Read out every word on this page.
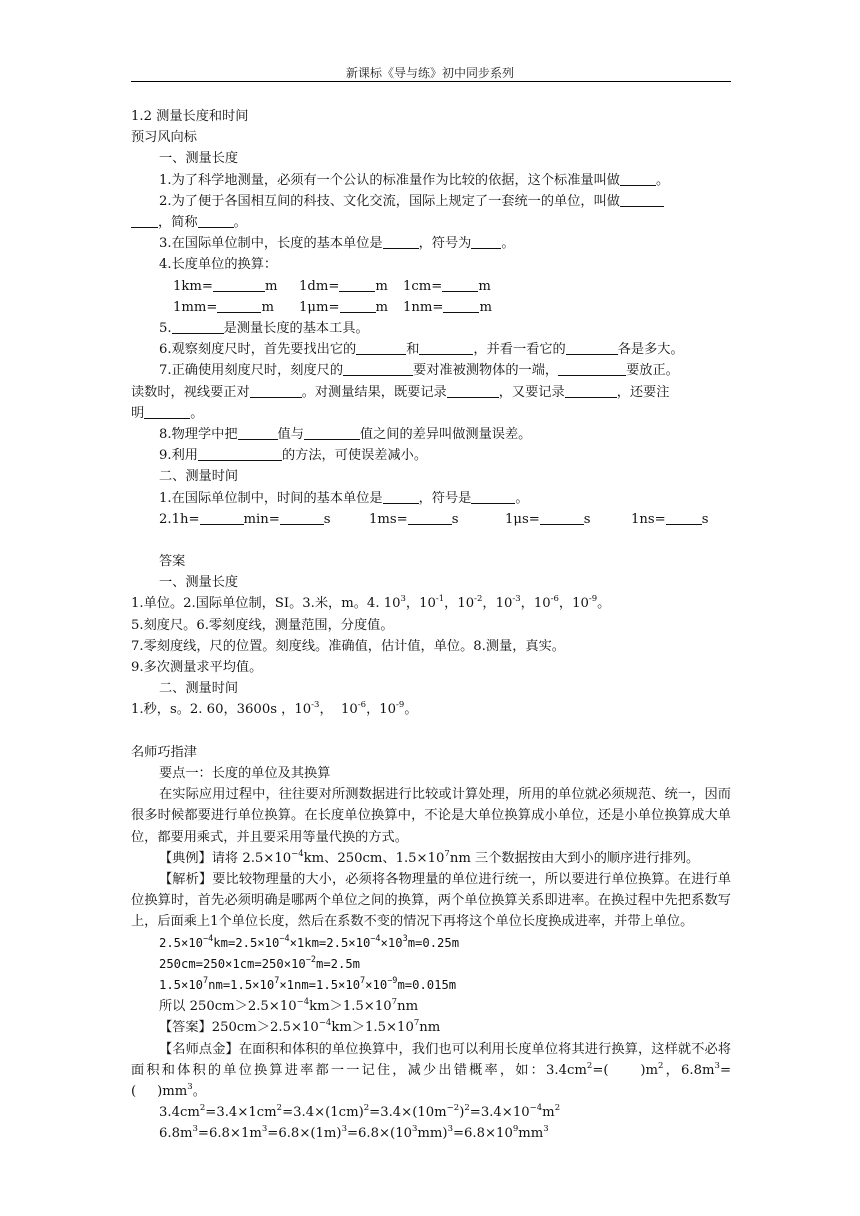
新课标《导与练》初中同步系列
1.2 测量长度和时间
预习风向标
一、测量长度
1.为了科学地测量，必须有一个公认的标准量作为比较的依据，这个标准量叫做	。
2.为了便于各国相互间的科技、文化交流，国际上规定了一套统一的单位，叫做
，简称	。
3.在国际单位制中，长度的基本单位是	，符号为 。
4.长度单位的换算：
1km=	m 1dm=	m 1cm=	m
1mm=	m 1μm=	m 1nm=	m
5.	是测量长度的基本工具。
6.观察刻度尺时，首先要找出它的	和	，并看一看它的	各是多大。
7.正确使用刻度尺时，刻度尺的	要对准被测物体的一端，	要放正。
读数时，视线要正对	。对测量结果，既要记录	，又要记录	，还要注
明	。
8.物理学中把	值与	值之间的差异叫做测量误差。
9.利用	的方法，可使误差减小。
二、测量时间
1.在国际单位制中，时间的基本单位是	，符号是	。
2.1h=	min=	s	1ms=	s	1μs=	s	1ns=	s
答案
一、测量长度
1.单位。2.国际单位制，SI。3.米，m。4. $10^3$，$10^{-1}$，$10^{-2}$，$10^{-3}$，$10^{-6}$，$10^{-9}$。
5.刻度尺。6.零刻度线，测量范围，分度值。
7.零刻度线，尺的位置。刻度线。准确值，估计值，单位。8.测量，真实。
9.多次测量求平均值。
二、测量时间
1.秒，s。2. 60，3600s ，$10^{-3}$，  $10^{-6}$，$10^{-9}$。
名师巧指津
要点一：长度的单位及其换算
在实际应用过程中，往往要对所测数据进行比较或计算处理，所用的单位就必须规范、统一，因而很多时候都要进行单位换算。在长度单位换算中，不论是大单位换算成小单位，还是小单位换算成大单位，都要用乘式，并且要采用等量代换的方式。
【典例】请将 $2.5\times 10^{-4}km$、250cm、$1.5\times 10^7nm$ 三个数据按由大到小的顺序进行排列。
【解析】要比较物理量的大小，必须将各物理量的单位进行统一，所以要进行单位换算。在进行单位换算时，首先必须明确是哪两个单位之间的换算，两个单位换算关系即进率。在换过程中先把系数写上，后面乘上1个单位长度，然后在系数不变的情况下再将这个单位长度换成进率，并带上单位。
$2.5\times 10^{-4}km=2.5\times 10^{-4}\times 1km=2.5\times 10^{-4}\times 10^3m=0.25m$
$250cm=250\times 1cm=250\times 10^{-2}m=2.5m$
$1.5\times 10^7nm=1.5\times 10^7\times 1nm=1.5\times 10^7\times 10^{-9}m=0.015m$
所以 $250cm>2.5\times 10^{-4}km>1.5\times 10^7nm$
【答案】$250cm>2.5\times 10^{-4}km>1.5\times 10^7nm$
【名师点金】在面积和体积的单位换算中，我们也可以利用长度单位将其进行换算，这样就不必将面积和体积的单位换算进率都一一记住，减少出错概率，如：$3.4cm^2=$(     )$m^2$，$6.8m^3=$(     )$mm^3$。
$3.4cm^2=3.4\times 1cm^2=3.4\times(1cm)^2=3.4\times(10m^{-2})^2=3.4\times 10^{-4}m^2$
$6.8m^3=6.8\times 1m^3=6.8\times(1m)^3=6.8\times(10^3mm)^3=6.8\times 10^9mm^3$
